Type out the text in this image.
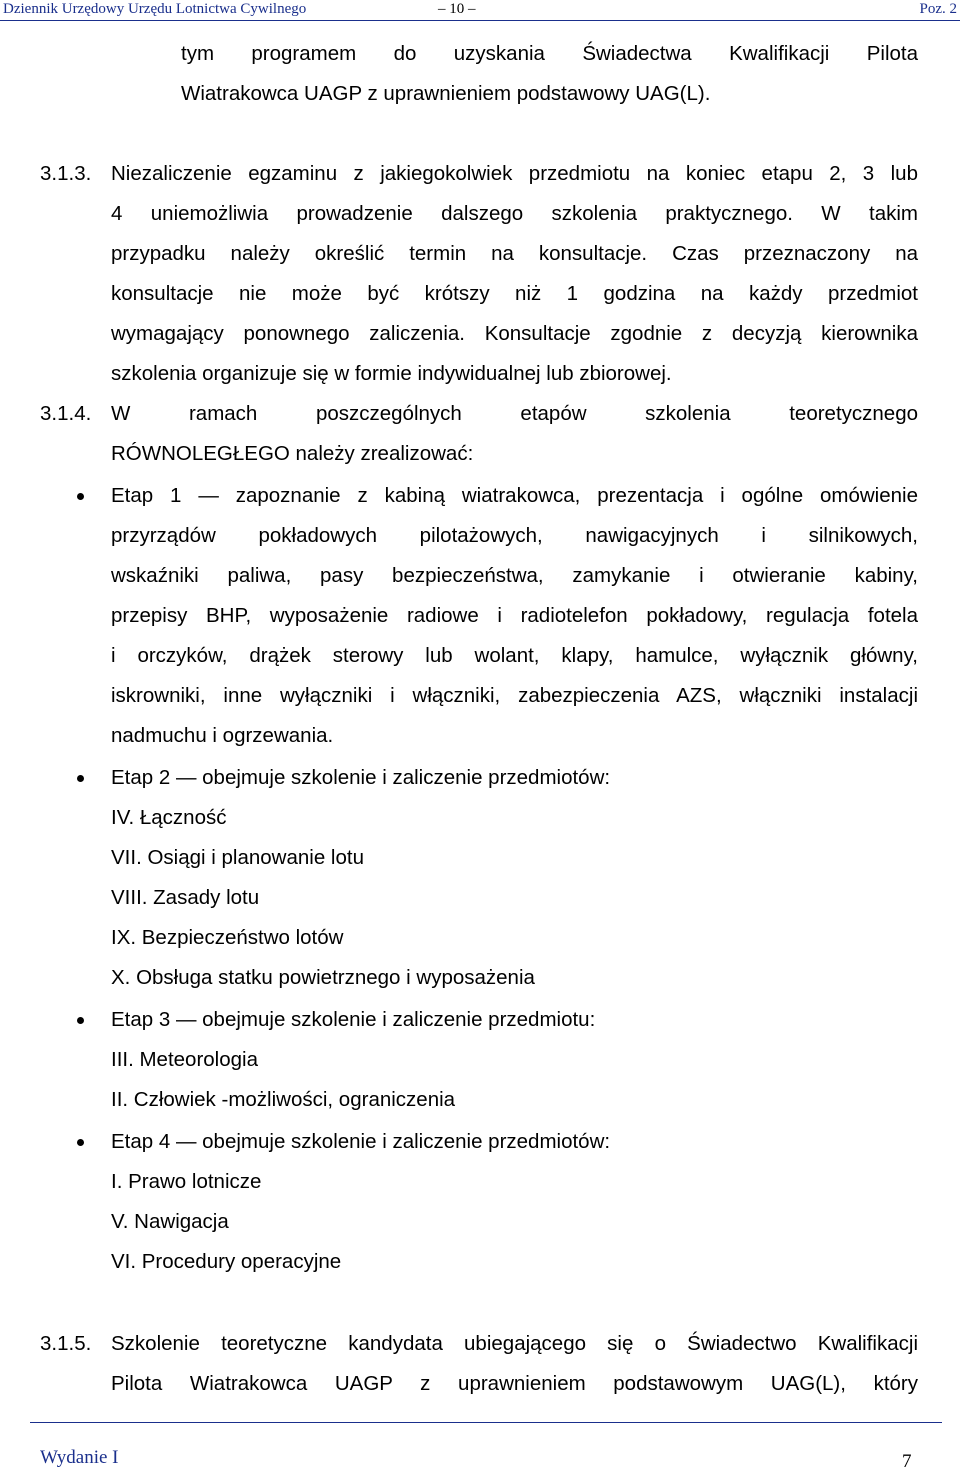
Dziennik Urzędowy Urzędu Lotnictwa Cywilnego	– 10 –	Poz. 2
tym programem do uzyskania Świadectwa Kwalifikacji Pilota
Wiatrakowca UAGP z uprawnieniem podstawowy UAG(L).
3.1.3. Niezaliczenie egzaminu z jakiegokolwiek przedmiotu na koniec etapu 2, 3 lub
4 uniemożliwia prowadzenie dalszego szkolenia praktycznego. W takim
przypadku należy określić termin na konsultacje. Czas przeznaczony na
konsultacje nie może być krótszy niż 1 godzina na każdy przedmiot
wymagający ponownego zaliczenia. Konsultacje zgodnie z decyzją kierownika
szkolenia organizuje się w formie indywidualnej lub zbiorowej.
3.1.4. W ramach poszczególnych etapów szkolenia teoretycznego
RÓWNOLEGŁEGO należy zrealizować:
Etap 1 — zapoznanie z kabiną wiatrakowca, prezentacja i ogólne omówienie
przyrządów pokładowych pilotażowych, nawigacyjnych i silnikowych,
wskaźniki paliwa, pasy bezpieczeństwa, zamykanie i otwieranie kabiny,
przepisy BHP, wyposażenie radiowe i radiotelefon pokładowy, regulacja fotela
i orczyków, drążek sterowy lub wolant, klapy, hamulce, wyłącznik główny,
iskrowniki, inne wyłączniki i włączniki, zabezpieczenia AZS, włączniki instalacji
nadmuchu i ogrzewania.
Etap 2 — obejmuje szkolenie i zaliczenie przedmiotów:
IV. Łączność
VII. Osiągi i planowanie lotu
VIII. Zasady lotu
IX. Bezpieczeństwo lotów
X. Obsługa statku powietrznego i wyposażenia
Etap 3 — obejmuje szkolenie i zaliczenie przedmiotu:
III. Meteorologia
II. Człowiek -możliwości, ograniczenia
Etap 4 — obejmuje szkolenie i zaliczenie przedmiotów:
I. Prawo lotnicze
V. Nawigacja
VI. Procedury operacyjne
3.1.5. Szkolenie teoretyczne kandydata ubiegającego się o Świadectwo Kwalifikacji
Pilota Wiatrakowca UAGP z uprawnieniem podstawowym UAG(L), który
Wydanie I	7
